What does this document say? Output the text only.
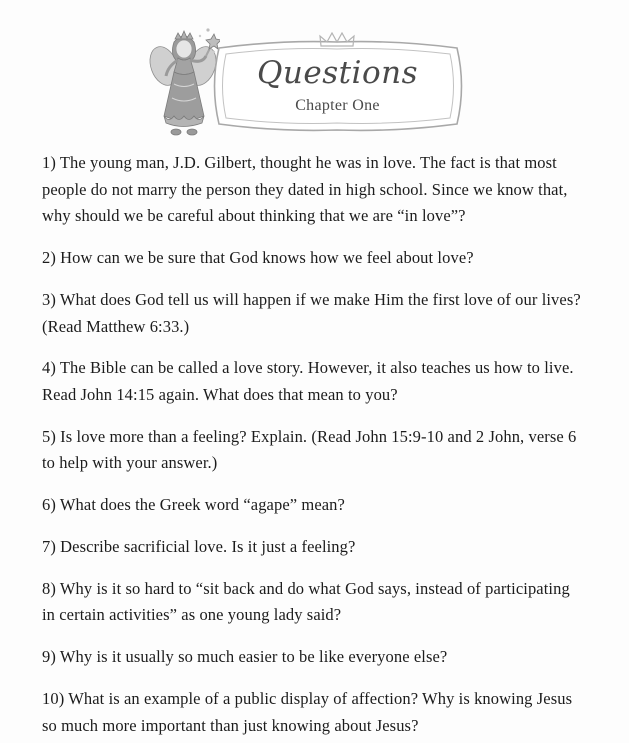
Questions
Chapter One

1) The young man, J.D. Gilbert, thought he was in love. The fact is that most people do not marry the person they dated in high school. Since we know that, why should we be careful about thinking that we are “in love”?

2) How can we be sure that God knows how we feel about love?

3) What does God tell us will happen if we make Him the first love of our lives? (Read Matthew 6:33.)

4) The Bible can be called a love story. However, it also teaches us how to live. Read John 14:15 again. What does that mean to you?

5) Is love more than a feeling? Explain. (Read John 15:9-10 and 2 John, verse 6 to help with your answer.)

6) What does the Greek word “agape” mean?

7) Describe sacrificial love. Is it just a feeling?

8) Why is it so hard to “sit back and do what God says, instead of participating in certain activities” as one young lady said?

9) Why is it usually so much easier to be like everyone else?

10) What is an example of a public display of affection? Why is knowing Jesus so much more important than just knowing about Jesus?
